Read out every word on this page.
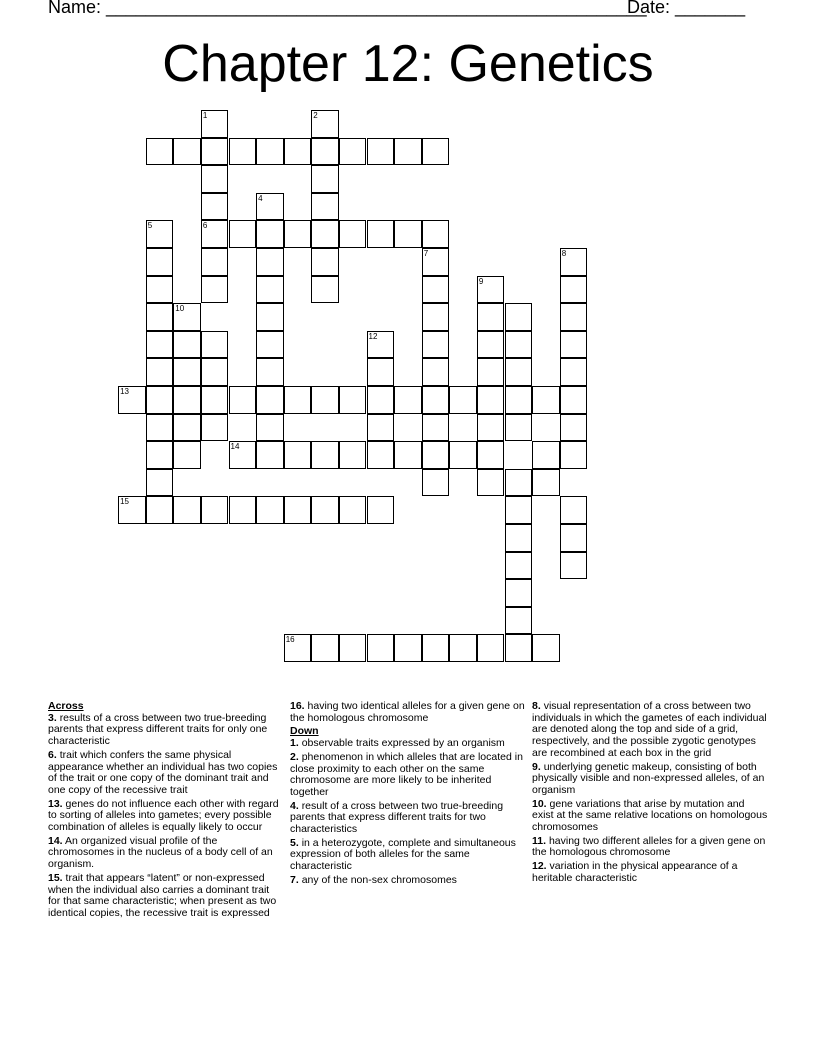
Name: ______________________________________________________
Date: _______
Chapter 12: Genetics
1	2
4
5	6
7	8
9
10
12
13
14
15
16
Across
3. results of a cross between two true-breeding parents that express different traits for only one characteristic
6. trait which confers the same physical appearance whether an individual has two copies of the trait or one copy of the dominant trait and one copy of the recessive trait
13. genes do not influence each other with regard to sorting of alleles into gametes; every possible combination of alleles is equally likely to occur
14. An organized visual profile of the chromosomes in the nucleus of a body cell of an organism.
15. trait that appears “latent” or non-expressed when the individual also carries a dominant trait for that same characteristic; when present as two identical copies, the recessive trait is expressed
16. having two identical alleles for a given gene on the homologous chromosome
Down
1. observable traits expressed by an organism
2. phenomenon in which alleles that are located in close proximity to each other on the same chromosome are more likely to be inherited together
4. result of a cross between two true-breeding parents that express different traits for two characteristics
5. in a heterozygote, complete and simultaneous expression of both alleles for the same characteristic
7. any of the non-sex chromosomes
8. visual representation of a cross between two individuals in which the gametes of each individual are denoted along the top and side of a grid, respectively, and the possible zygotic genotypes are recombined at each box in the grid
9. underlying genetic makeup, consisting of both physically visible and non-expressed alleles, of an organism
10. gene variations that arise by mutation and exist at the same relative locations on homologous chromosomes
11. having two different alleles for a given gene on the homologous chromosome
12. variation in the physical appearance of a heritable characteristic
